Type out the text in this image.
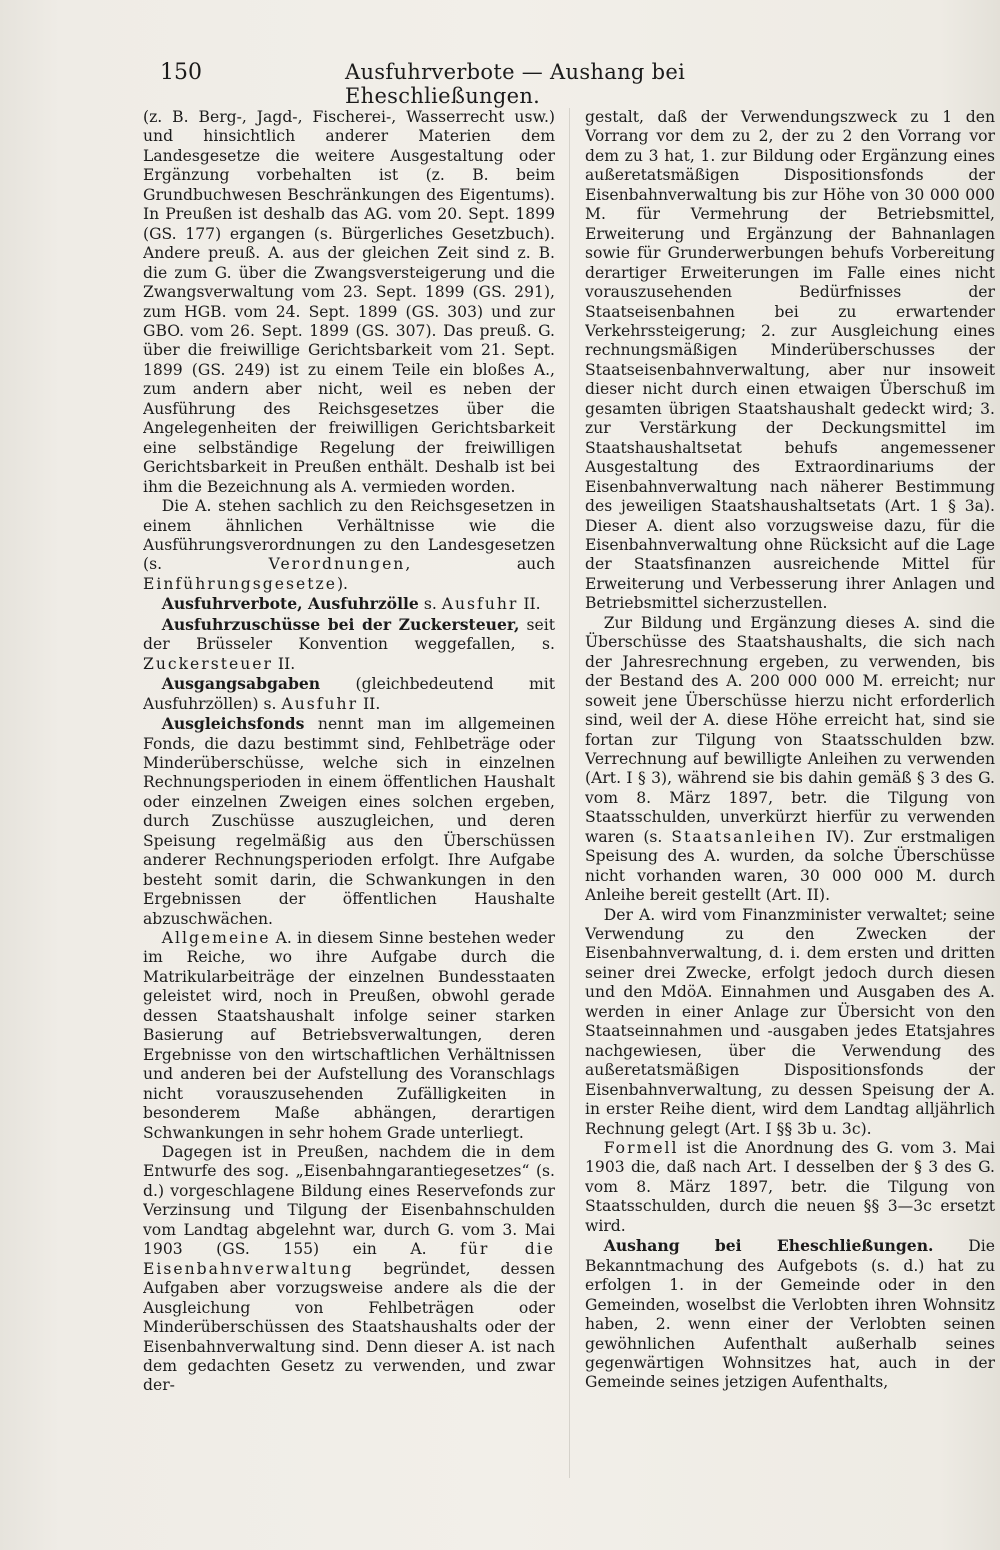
150	Ausfuhrverbote — Aushang bei Eheschließungen.

(z. B. Berg-, Jagd-, Fischerei-, Wasserrecht usw.) und hinsichtlich anderer Materien dem Landesgesetze die weitere Ausgestaltung oder Ergänzung vorbehalten ist (z. B. beim Grundbuchwesen Beschränkungen des Eigentums). In Preußen ist deshalb das AG. vom 20. Sept. 1899 (GS. 177) ergangen (s. Bürgerliches Gesetzbuch). Andere preuß. A. aus der gleichen Zeit sind z. B. die zum G. über die Zwangsversteigerung und die Zwangsverwaltung vom 23. Sept. 1899 (GS. 291), zum HGB. vom 24. Sept. 1899 (GS. 303) und zur GBO. vom 26. Sept. 1899 (GS. 307). Das preuß. G. über die freiwillige Gerichtsbarkeit vom 21. Sept. 1899 (GS. 249) ist zu einem Teile ein bloßes A., zum andern aber nicht, weil es neben der Ausführung des Reichsgesetzes über die Angelegenheiten der freiwilligen Gerichtsbarkeit eine selbständige Regelung der freiwilligen Gerichtsbarkeit in Preußen enthält. Deshalb ist bei ihm die Bezeichnung als A. vermieden worden.

Die A. stehen sachlich zu den Reichsgesetzen in einem ähnlichen Verhältnisse wie die Ausführungsverordnungen zu den Landesgesetzen (s. Verordnungen, auch Einführungsgesetze).

Ausfuhrverbote, Ausfuhrzölle s. Ausfuhr II.

Ausfuhrzuschüsse bei der Zuckersteuer, seit der Brüsseler Konvention weggefallen, s. Zuckersteuer II.

Ausgangsabgaben (gleichbedeutend mit Ausfuhrzöllen) s. Ausfuhr II.

Ausgleichsfonds nennt man im allgemeinen Fonds, die dazu bestimmt sind, Fehlbeträge oder Minderüberschüsse, welche sich in einzelnen Rechnungsperioden in einem öffentlichen Haushalt oder einzelnen Zweigen eines solchen ergeben, durch Zuschüsse auszugleichen, und deren Speisung regelmäßig aus den Überschüssen anderer Rechnungsperioden erfolgt. Ihre Aufgabe besteht somit darin, die Schwankungen in den Ergebnissen der öffentlichen Haushalte abzuschwächen.

Allgemeine A. in diesem Sinne bestehen weder im Reiche, wo ihre Aufgabe durch die Matrikularbeiträge der einzelnen Bundesstaaten geleistet wird, noch in Preußen, obwohl gerade dessen Staatshaushalt infolge seiner starken Basierung auf Betriebsverwaltungen, deren Ergebnisse von den wirtschaftlichen Verhältnissen und anderen bei der Aufstellung des Voranschlags nicht vorauszusehenden Zufälligkeiten in besonderem Maße abhängen, derartigen Schwankungen in sehr hohem Grade unterliegt.

Dagegen ist in Preußen, nachdem die in dem Entwurfe des sog. „Eisenbahngarantiegesetzes“ (s. d.) vorgeschlagene Bildung eines Reservefonds zur Verzinsung und Tilgung der Eisenbahnschulden vom Landtag abgelehnt war, durch G. vom 3. Mai 1903 (GS. 155) ein A. für die Eisenbahnverwaltung begründet, dessen Aufgaben aber vorzugsweise andere als die der Ausgleichung von Fehlbeträgen oder Minderüberschüssen des Staatshaushalts oder der Eisenbahnverwaltung sind. Denn dieser A. ist nach dem gedachten Gesetz zu verwenden, und zwar der-

gestalt, daß der Verwendungszweck zu 1 den Vorrang vor dem zu 2, der zu 2 den Vorrang vor dem zu 3 hat, 1. zur Bildung oder Ergänzung eines außeretatsmäßigen Dispositionsfonds der Eisenbahnverwaltung bis zur Höhe von 30 000 000 M. für Vermehrung der Betriebsmittel, Erweiterung und Ergänzung der Bahnanlagen sowie für Grunderwerbungen behufs Vorbereitung derartiger Erweiterungen im Falle eines nicht vorauszusehenden Bedürfnisses der Staatseisenbahnen bei zu erwartender Verkehrssteigerung; 2. zur Ausgleichung eines rechnungsmäßigen Minderüberschusses der Staatseisenbahnverwaltung, aber nur insoweit dieser nicht durch einen etwaigen Überschuß im gesamten übrigen Staatshaushalt gedeckt wird; 3. zur Verstärkung der Deckungsmittel im Staatshaushaltsetat behufs angemessener Ausgestaltung des Extraordinariums der Eisenbahnverwaltung nach näherer Bestimmung des jeweiligen Staatshaushaltsetats (Art. 1 § 3a). Dieser A. dient also vorzugsweise dazu, für die Eisenbahnverwaltung ohne Rücksicht auf die Lage der Staatsfinanzen ausreichende Mittel für Erweiterung und Verbesserung ihrer Anlagen und Betriebsmittel sicherzustellen.

Zur Bildung und Ergänzung dieses A. sind die Überschüsse des Staatshaushalts, die sich nach der Jahresrechnung ergeben, zu verwenden, bis der Bestand des A. 200 000 000 M. erreicht; nur soweit jene Überschüsse hierzu nicht erforderlich sind, weil der A. diese Höhe erreicht hat, sind sie fortan zur Tilgung von Staatsschulden bzw. Verrechnung auf bewilligte Anleihen zu verwenden (Art. I § 3), während sie bis dahin gemäß § 3 des G. vom 8. März 1897, betr. die Tilgung von Staatsschulden, unverkürzt hierfür zu verwenden waren (s. Staatsanleihen IV). Zur erstmaligen Speisung des A. wurden, da solche Überschüsse nicht vorhanden waren, 30 000 000 M. durch Anleihe bereit gestellt (Art. II).

Der A. wird vom Finanzminister verwaltet; seine Verwendung zu den Zwecken der Eisenbahnverwaltung, d. i. dem ersten und dritten seiner drei Zwecke, erfolgt jedoch durch diesen und den MdöA. Einnahmen und Ausgaben des A. werden in einer Anlage zur Übersicht von den Staatseinnahmen und -ausgaben jedes Etatsjahres nachgewiesen, über die Verwendung des außeretatsmäßigen Dispositionsfonds der Eisenbahnverwaltung, zu dessen Speisung der A. in erster Reihe dient, wird dem Landtag alljährlich Rechnung gelegt (Art. I §§ 3b u. 3c).

Formell ist die Anordnung des G. vom 3. Mai 1903 die, daß nach Art. I desselben der § 3 des G. vom 8. März 1897, betr. die Tilgung von Staatsschulden, durch die neuen §§ 3—3c ersetzt wird.

Aushang bei Eheschließungen. Die Bekanntmachung des Aufgebots (s. d.) hat zu erfolgen 1. in der Gemeinde oder in den Gemeinden, woselbst die Verlobten ihren Wohnsitz haben, 2. wenn einer der Verlobten seinen gewöhnlichen Aufenthalt außerhalb seines gegenwärtigen Wohnsitzes hat, auch in der Gemeinde seines jetzigen Aufenthalts,
